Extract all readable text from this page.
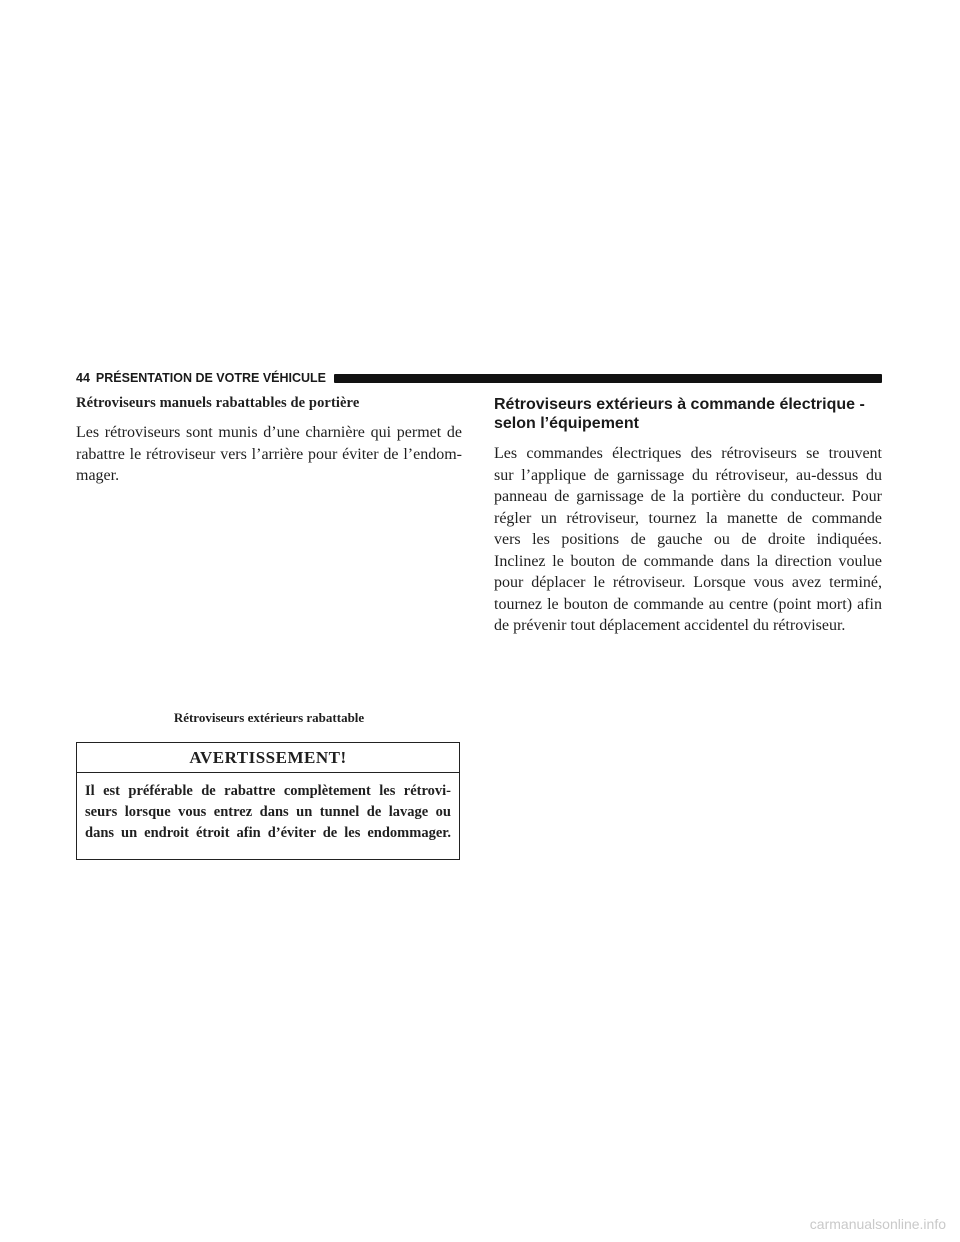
44 PRÉSENTATION DE VOTRE VÉHICULE

Rétroviseurs manuels rabattables de portière

Les rétroviseurs sont munis d’une charnière qui permet de
rabattre le rétroviseur vers l’arrière pour éviter de l’endom-
mager.

Rétroviseurs extérieurs rabattable
AVERTISSEMENT!
Il est préférable de rabattre complètement les rétrovi-
seurs lorsque vous entrez dans un tunnel de lavage ou
dans un endroit étroit afin d’éviter de les endommager.
Rétroviseurs extérieurs à commande électrique -
selon l’équipement

Les commandes électriques des rétroviseurs se trouvent
sur l’applique de garnissage du rétroviseur, au-dessus du
panneau de garnissage de la portière du conducteur. Pour
régler un rétroviseur, tournez la manette de commande
vers les positions de gauche ou de droite indiquées.
Inclinez le bouton de commande dans la direction voulue
pour déplacer le rétroviseur. Lorsque vous avez terminé,
tournez le bouton de commande au centre (point mort) afin
de prévenir tout déplacement accidentel du rétroviseur.

carmanualsonline.info
